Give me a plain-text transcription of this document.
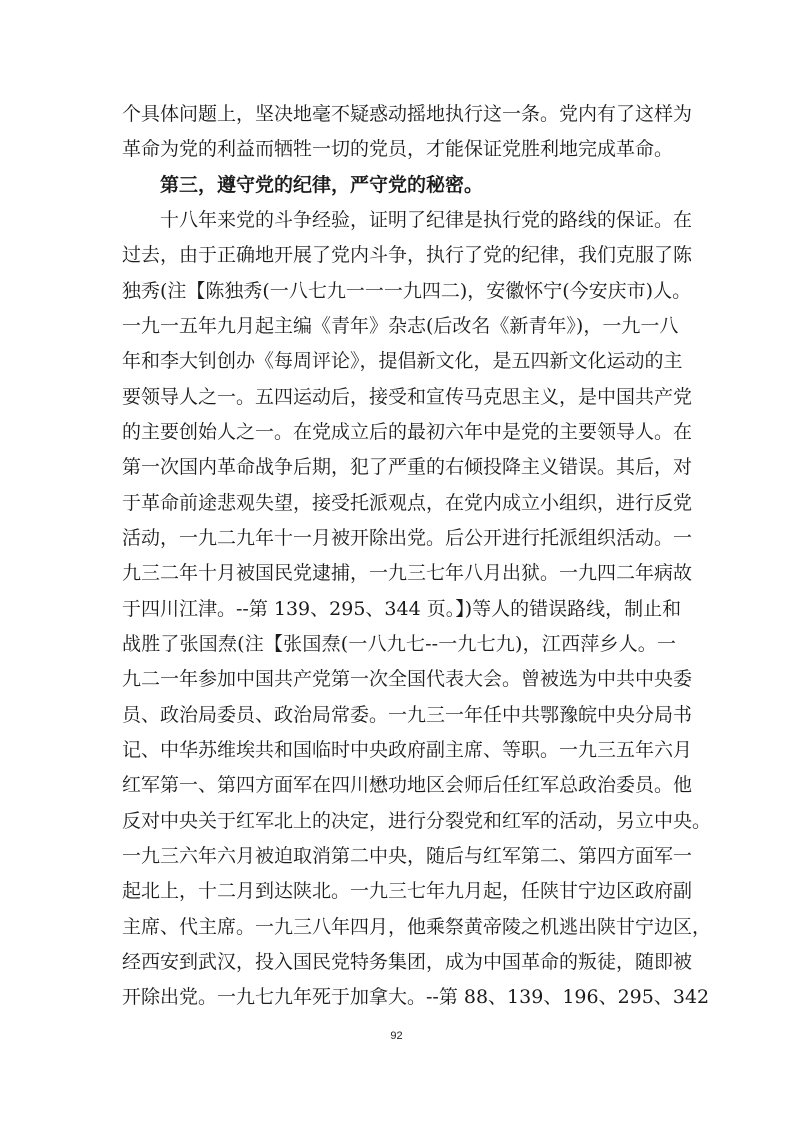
个具体问题上，坚决地毫不疑惑动摇地执行这一条。党内有了这样为
革命为党的利益而牺牲一切的党员，才能保证党胜利地完成革命。
第三，遵守党的纪律，严守党的秘密。
十八年来党的斗争经验，证明了纪律是执行党的路线的保证。在
过去，由于正确地开展了党内斗争，执行了党的纪律，我们克服了陈
独秀(注【陈独秀(一八七九一一一九四二)，安徽怀宁(今安庆市)人。
一九一五年九月起主编《青年》杂志(后改名《新青年》)，一九一八
年和李大钊创办《每周评论》，提倡新文化，是五四新文化运动的主
要领导人之一。五四运动后，接受和宣传马克思主义，是中国共产党
的主要创始人之一。在党成立后的最初六年中是党的主要领导人。在
第一次国内革命战争后期，犯了严重的右倾投降主义错误。其后，对
于革命前途悲观失望，接受托派观点，在党内成立小组织，进行反党
活动，一九二九年十一月被开除出党。后公开进行托派组织活动。一
九三二年十月被国民党逮捕，一九三七年八月出狱。一九四二年病故
于四川江津。--第 139、295、344 页。】)等人的错误路线，制止和
战胜了张国焘(注【张国焘(一八九七--一九七九)，江西萍乡人。一
九二一年参加中国共产党第一次全国代表大会。曾被选为中共中央委
员、政治局委员、政治局常委。一九三一年任中共鄂豫皖中央分局书
记、中华苏维埃共和国临时中央政府副主席、等职。一九三五年六月
红军第一、第四方面军在四川懋功地区会师后任红军总政治委员。他
反对中央关于红军北上的决定，进行分裂党和红军的活动，另立中央。
一九三六年六月被迫取消第二中央，随后与红军第二、第四方面军一
起北上，十二月到达陕北。一九三七年九月起，任陕甘宁边区政府副
主席、代主席。一九三八年四月，他乘祭黄帝陵之机逃出陕甘宁边区，
经西安到武汉，投入国民党特务集团，成为中国革命的叛徒，随即被
开除出党。一九七九年死于加拿大。--第 88、139、196、295、342
92
